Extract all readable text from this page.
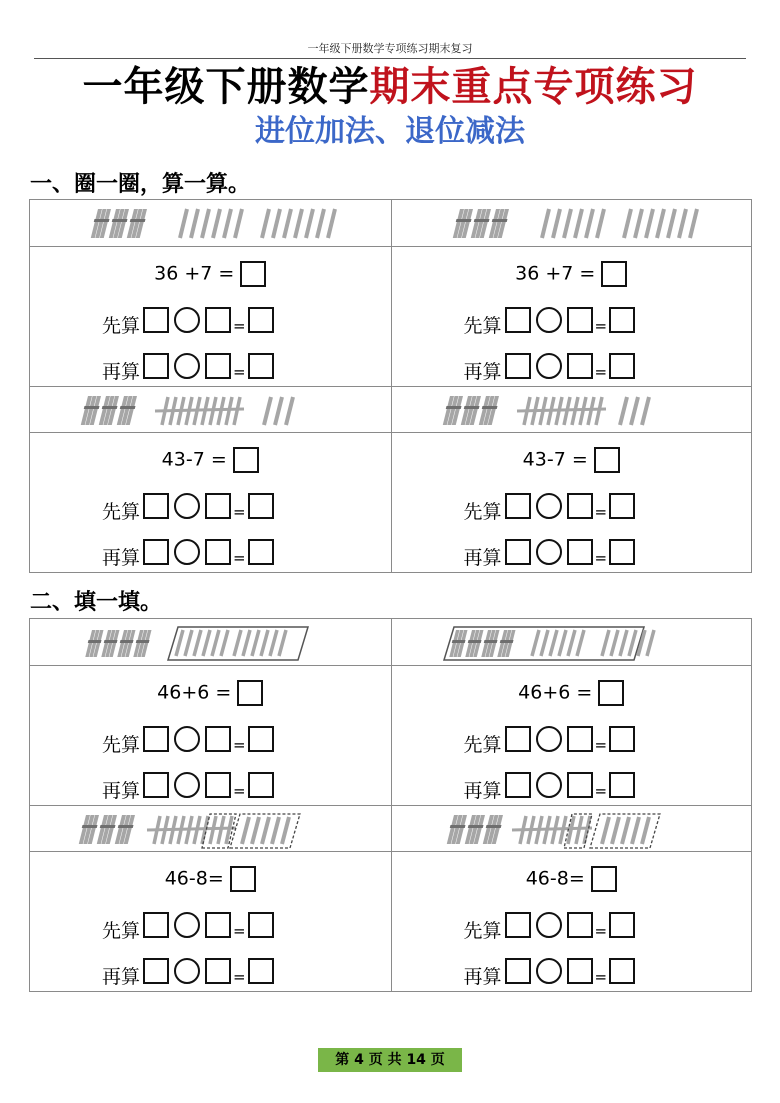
一年级下册数学专项练习期末复习
一年级下册数学期末重点专项练习
进位加法、退位减法
一、圈一圈，算一算。
36 +7 =
先算	=
再算	=
36 +7 =
先算	=
再算	=
43-7 =
先算	=
再算	=
43-7 =
先算	=
再算	=
二、填一填。
46+6 =
先算	=
再算	=
46+6 =
先算	=
再算	=
46-8=
先算	=
再算	=
46-8=
先算	=
再算	=
第 4 页 共 14 页
